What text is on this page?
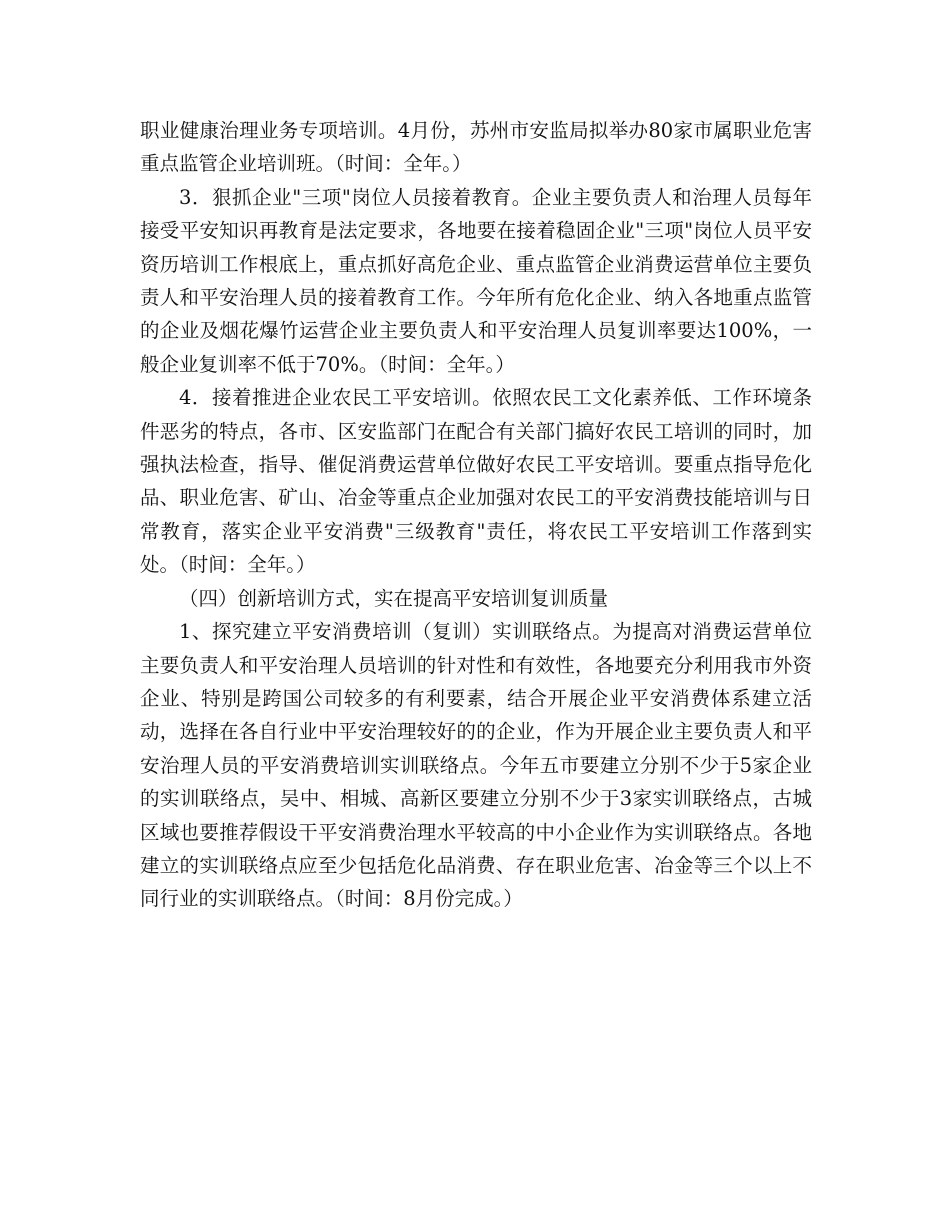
职业健康治理业务专项培训。4月份，苏州市安监局拟举办80家市属职业危害重点监管企业培训班。（时间：全年。）

3．狠抓企业"三项"岗位人员接着教育。企业主要负责人和治理人员每年接受平安知识再教育是法定要求，各地要在接着稳固企业"三项"岗位人员平安资历培训工作根底上，重点抓好高危企业、重点监管企业消费运营单位主要负责人和平安治理人员的接着教育工作。今年所有危化企业、纳入各地重点监管的企业及烟花爆竹运营企业主要负责人和平安治理人员复训率要达100%，一般企业复训率不低于70%。（时间：全年。）

4．接着推进企业农民工平安培训。依照农民工文化素养低、工作环境条件恶劣的特点，各市、区安监部门在配合有关部门搞好农民工培训的同时，加强执法检查，指导、催促消费运营单位做好农民工平安培训。要重点指导危化品、职业危害、矿山、冶金等重点企业加强对农民工的平安消费技能培训与日常教育，落实企业平安消费"三级教育"责任，将农民工平安培训工作落到实处。（时间：全年。）

（四）创新培训方式，实在提高平安培训复训质量

1、探究建立平安消费培训（复训）实训联络点。为提高对消费运营单位主要负责人和平安治理人员培训的针对性和有效性，各地要充分利用我市外资企业、特别是跨国公司较多的有利要素，结合开展企业平安消费体系建立活动，选择在各自行业中平安治理较好的的企业，作为开展企业主要负责人和平安治理人员的平安消费培训实训联络点。今年五市要建立分别不少于5家企业的实训联络点，吴中、相城、高新区要建立分别不少于3家实训联络点，古城区域也要推荐假设干平安消费治理水平较高的中小企业作为实训联络点。各地建立的实训联络点应至少包括危化品消费、存在职业危害、冶金等三个以上不同行业的实训联络点。（时间：8月份完成。）
